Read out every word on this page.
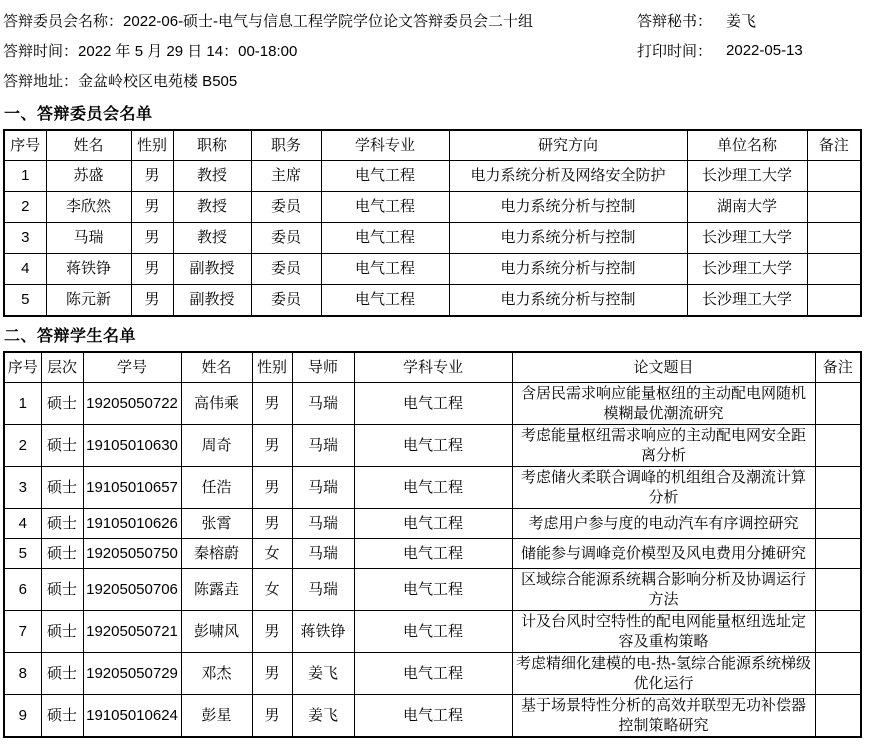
答辩委员会名称： 2022-06-硕士-电气与信息工程学院学位论文答辩委员会二十组	答辩秘书： 姜飞
答辩时间： 2022 年 5 月 29 日 14：00-18:00	打印时间： 2022-05-13
答辩地址： 金盆岭校区电苑楼 B505
一、答辩委员会名单
序号	姓名	性别	职称	职务	学科专业	研究方向	单位名称	备注
1	苏盛	男	教授	主席	电气工程	电力系统分析及网络安全防护	长沙理工大学	
2	李欣然	男	教授	委员	电气工程	电力系统分析与控制	湖南大学	
3	马瑞	男	教授	委员	电气工程	电力系统分析与控制	长沙理工大学	
4	蒋铁铮	男	副教授	委员	电气工程	电力系统分析与控制	长沙理工大学	
5	陈元新	男	副教授	委员	电气工程	电力系统分析与控制	长沙理工大学	
二、答辩学生名单
序号	层次	学号	姓名	性别	导师	学科专业	论文题目	备注
1	硕士	19205050722	高伟乘	男	马瑞	电气工程	含居民需求响应能量枢纽的主动配电网随机模糊最优潮流研究	
2	硕士	19105010630	周奇	男	马瑞	电气工程	考虑能量枢纽需求响应的主动配电网安全距离分析	
3	硕士	19105010657	任浩	男	马瑞	电气工程	考虑储火柔联合调峰的机组组合及潮流计算分析	
4	硕士	19105010626	张霄	男	马瑞	电气工程	考虑用户参与度的电动汽车有序调控研究	
5	硕士	19205050750	秦榕蔚	女	马瑞	电气工程	储能参与调峰竞价模型及风电费用分摊研究	
6	硕士	19205050706	陈露垚	女	马瑞	电气工程	区域综合能源系统耦合影响分析及协调运行方法	
7	硕士	19205050721	彭啸风	男	蒋铁铮	电气工程	计及台风时空特性的配电网能量枢纽选址定容及重构策略	
8	硕士	19205050729	邓杰	男	姜飞	电气工程	考虑精细化建模的电-热-氢综合能源系统梯级优化运行	
9	硕士	19105010624	彭星	男	姜飞	电气工程	基于场景特性分析的高效并联型无功补偿器控制策略研究	
